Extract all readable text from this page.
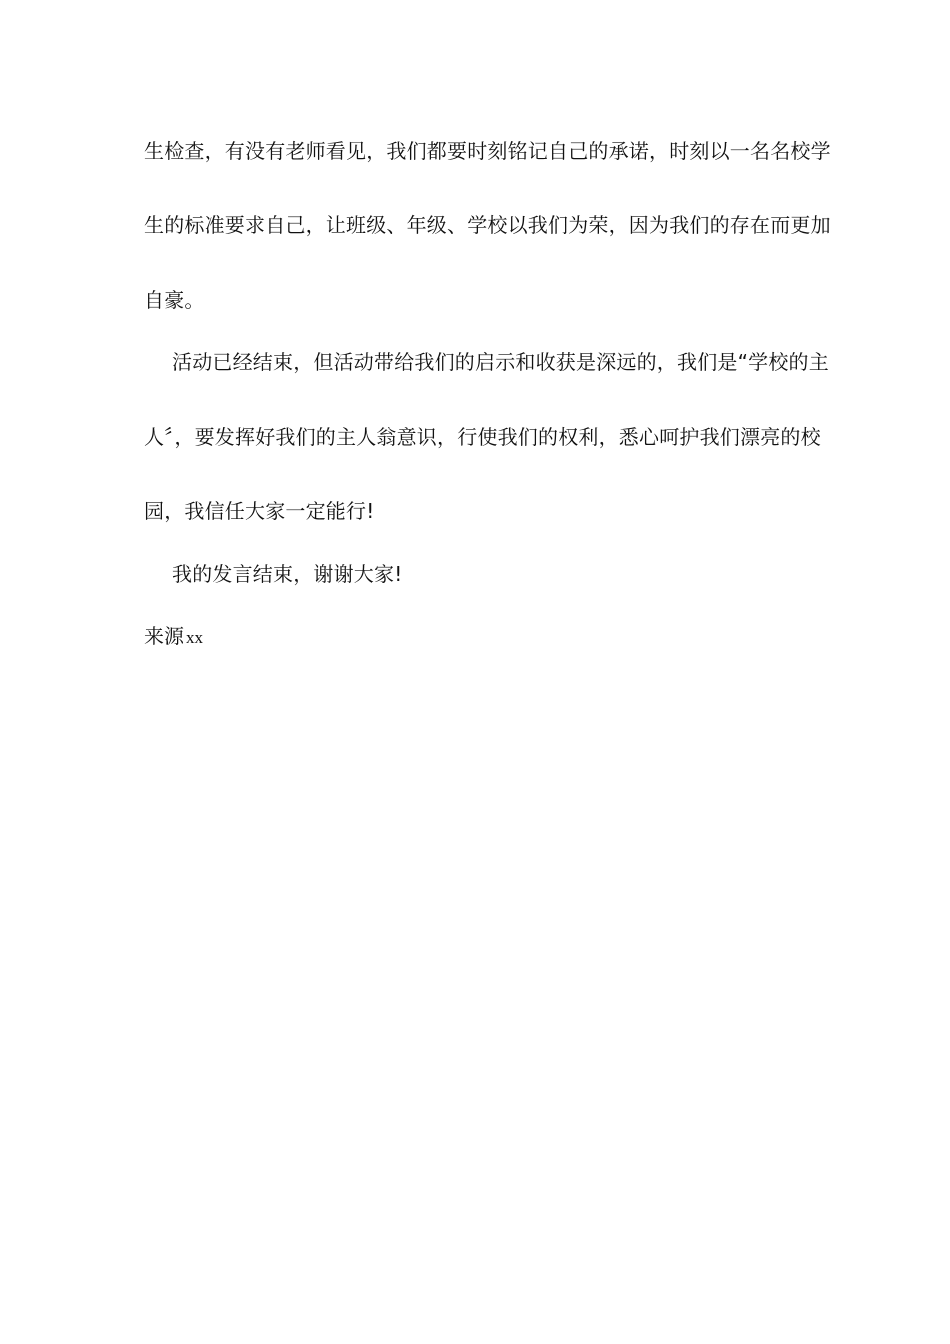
生检查，有没有老师看见，我们都要时刻铭记自己的承诺，时刻以一名名校学
生的标准要求自己，让班级、年级、学校以我们为荣，因为我们的存在而更加
自豪。
活动已经结束，但活动带给我们的启示和收获是深远的，我们是“学校的主
人〞，要发挥好我们的主人翁意识，行使我们的权利，悉心呵护我们漂亮的校
园，我信任大家一定能行!
我的发言结束，谢谢大家!
来源 xx
